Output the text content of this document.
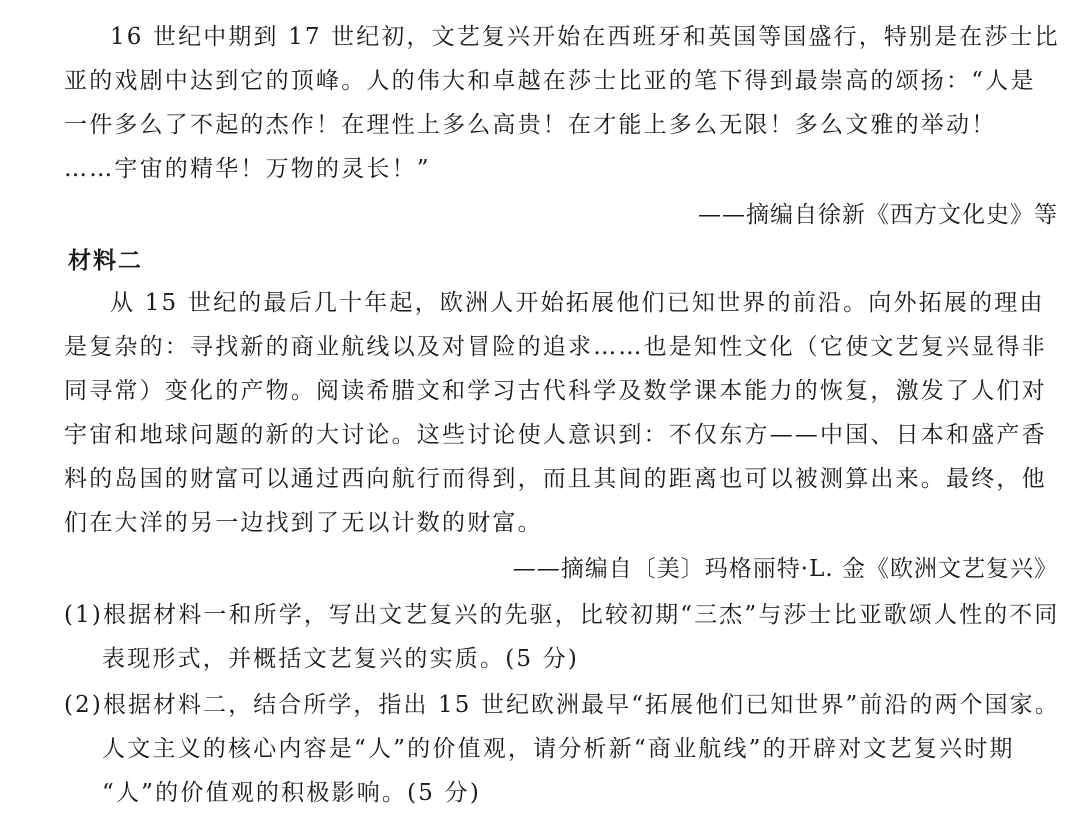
16 世纪中期到 17 世纪初，文艺复兴开始在西班牙和英国等国盛行，特别是在莎士比
亚的戏剧中达到它的顶峰。人的伟大和卓越在莎士比亚的笔下得到最崇高的颂扬：“人是
一件多么了不起的杰作！在理性上多么高贵！在才能上多么无限！多么文雅的举动！
……宇宙的精华！万物的灵长！”
——摘编自徐新《西方文化史》等
材料二
从 15 世纪的最后几十年起，欧洲人开始拓展他们已知世界的前沿。向外拓展的理由
是复杂的：寻找新的商业航线以及对冒险的追求……也是知性文化（它使文艺复兴显得非
同寻常）变化的产物。阅读希腊文和学习古代科学及数学课本能力的恢复，激发了人们对
宇宙和地球问题的新的大讨论。这些讨论使人意识到：不仅东方——中国、日本和盛产香
料的岛国的财富可以通过西向航行而得到，而且其间的距离也可以被测算出来。最终，他
们在大洋的另一边找到了无以计数的财富。
——摘编自〔美〕玛格丽特·L. 金《欧洲文艺复兴》
(1)根据材料一和所学，写出文艺复兴的先驱，比较初期“三杰”与莎士比亚歌颂人性的不同
表现形式，并概括文艺复兴的实质。(5 分)
(2)根据材料二，结合所学，指出 15 世纪欧洲最早“拓展他们已知世界”前沿的两个国家。
人文主义的核心内容是“人”的价值观，请分析新“商业航线”的开辟对文艺复兴时期
“人”的价值观的积极影响。(5 分)
